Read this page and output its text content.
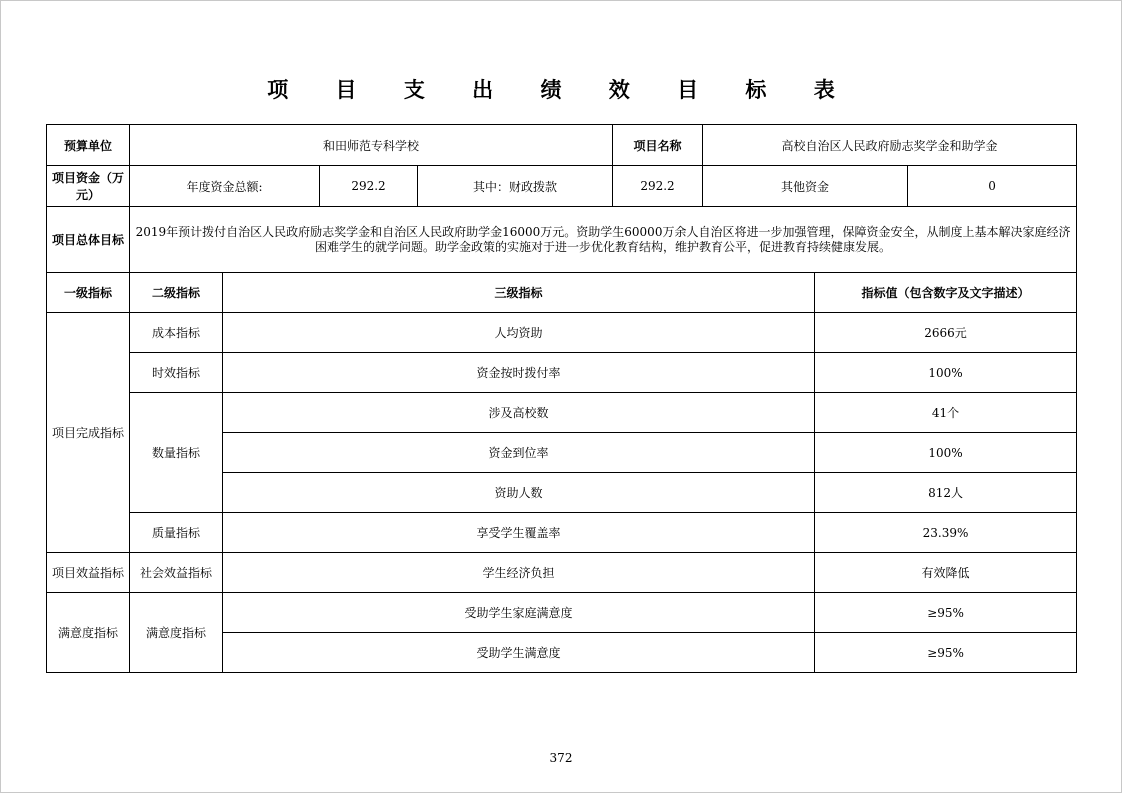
项 目 支 出 绩 效 目 标 表
预算单位	和田师范专科学校				项目名称	高校自治区人民政府励志奖学金和助学金		
项目资金（万元）	年度资金总额:		292.2	其中：财政拨款	292.2	其他资金		0
项目总体目标	2019年预计拨付自治区人民政府励志奖学金和自治区人民政府助学金16000万元。资助学生60000万余人自治区将进一步加强管理，保障资金安全，从制度上基本解决家庭经济困难学生的就学问题。助学金政策的实施对于进一步优化教育结构，维护教育公平，促进教育持续健康发展。							
一级指标	二级指标	三级指标					指标值（包含数字及文字描述）	
项目完成指标	成本指标	人均资助					2666元	
	时效指标	资金按时拨付率					100%	
	数量指标	涉及高校数					41个	
		资金到位率					100%	
		资助人数					812人	
	质量指标	享受学生覆盖率					23.39%	
项目效益指标	社会效益指标	学生经济负担					有效降低	
满意度指标	满意度指标	受助学生家庭满意度					≥95%	
		受助学生满意度					≥95%	
372
